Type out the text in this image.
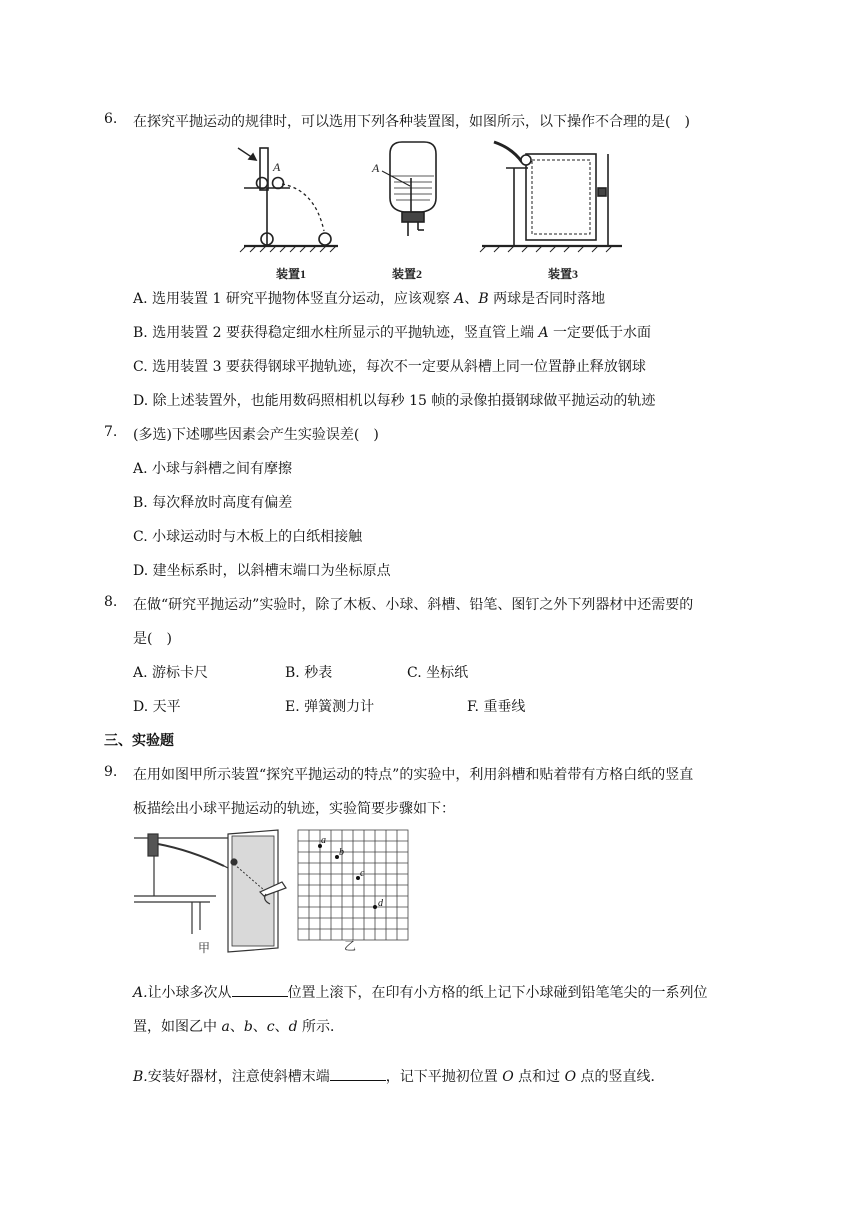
6. 在探究平抛运动的规律时，可以选用下列各种装置图，如图所示，以下操作不合理的是(　)
A
装置1
A
装置2	装置3
A. 选用装置 1 研究平抛物体竖直分运动，应该观察 A、B 两球是否同时落地
B. 选用装置 2 要获得稳定细水柱所显示的平抛轨迹，竖直管上端 A 一定要低于水面
C. 选用装置 3 要获得钢球平抛轨迹，每次不一定要从斜槽上同一位置静止释放钢球
D. 除上述装置外，也能用数码照相机以每秒 15 帧的录像拍摄钢球做平抛运动的轨迹
7. (多选)下述哪些因素会产生实验误差(　)
A. 小球与斜槽之间有摩擦
B. 每次释放时高度有偏差
C. 小球运动时与木板上的白纸相接触
D. 建坐标系时，以斜槽末端口为坐标原点
8. 在做“研究平抛运动”实验时，除了木板、小球、斜槽、铅笔、图钉之外下列器材中还需要的
是(　)
A. 游标卡尺	B. 秒表	C. 坐标纸
D. 天平	E. 弹簧测力计	F. 重垂线
三、实验题
9. 在用如图甲所示装置“探究平抛运动的特点”的实验中，利用斜槽和贴着带有方格白纸的竖直
板描绘出小球平抛运动的轨迹，实验简要步骤如下：
甲
a
b
c
d
乙
A.让小球多次从	位置上滚下，在印有小方格的纸上记下小球碰到铅笔笔尖的一系列位
置，如图乙中 a、b、c、d 所示．
B.安装好器材，注意使斜槽末端	，记下平抛初位置 O 点和过 O 点的竖直线．
